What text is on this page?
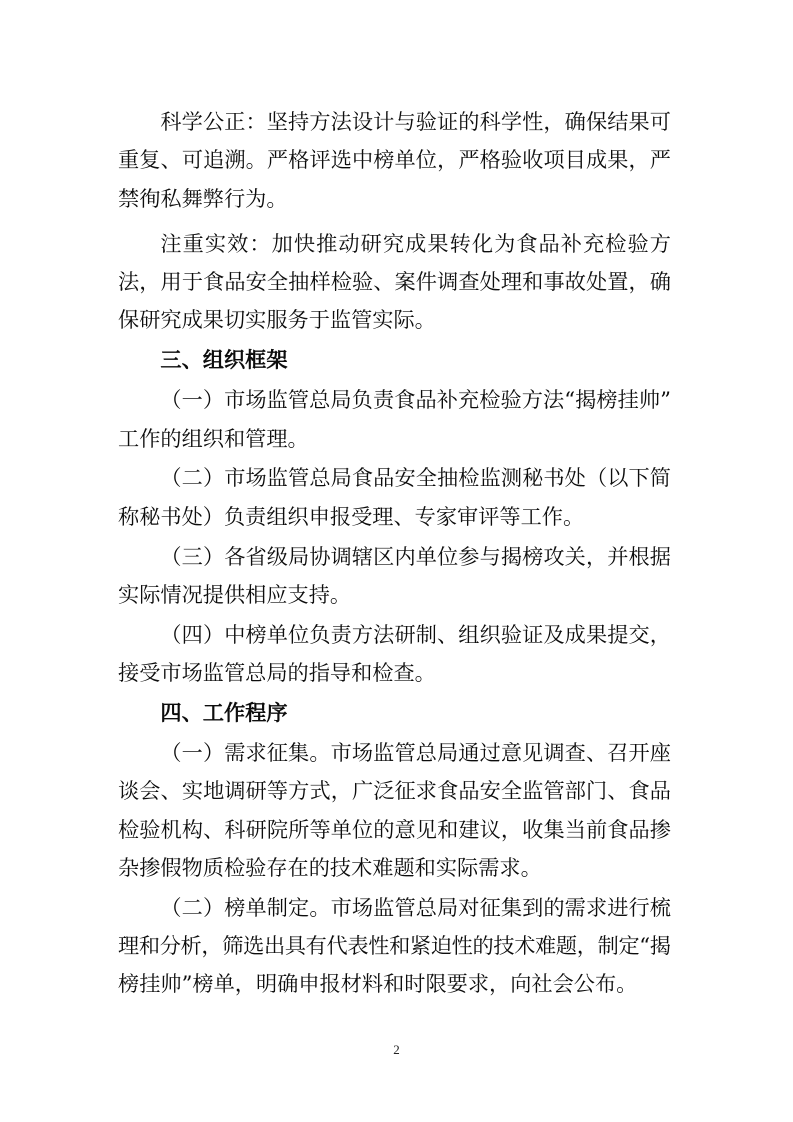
科学公正：坚持方法设计与验证的科学性，确保结果可
重复、可追溯。严格评选中榜单位，严格验收项目成果，严
禁徇私舞弊行为。
注重实效：加快推动研究成果转化为食品补充检验方
法，用于食品安全抽样检验、案件调查处理和事故处置，确
保研究成果切实服务于监管实际。
三、组织框架
（一）市场监管总局负责食品补充检验方法“揭榜挂帅”
工作的组织和管理。
（二）市场监管总局食品安全抽检监测秘书处（以下简
称秘书处）负责组织申报受理、专家审评等工作。
（三）各省级局协调辖区内单位参与揭榜攻关，并根据
实际情况提供相应支持。
（四）中榜单位负责方法研制、组织验证及成果提交，
接受市场监管总局的指导和检查。
四、工作程序
（一）需求征集。市场监管总局通过意见调查、召开座
谈会、实地调研等方式，广泛征求食品安全监管部门、食品
检验机构、科研院所等单位的意见和建议，收集当前食品掺
杂掺假物质检验存在的技术难题和实际需求。
（二）榜单制定。市场监管总局对征集到的需求进行梳
理和分析，筛选出具有代表性和紧迫性的技术难题，制定“揭
榜挂帅”榜单，明确申报材料和时限要求，向社会公布。
2
